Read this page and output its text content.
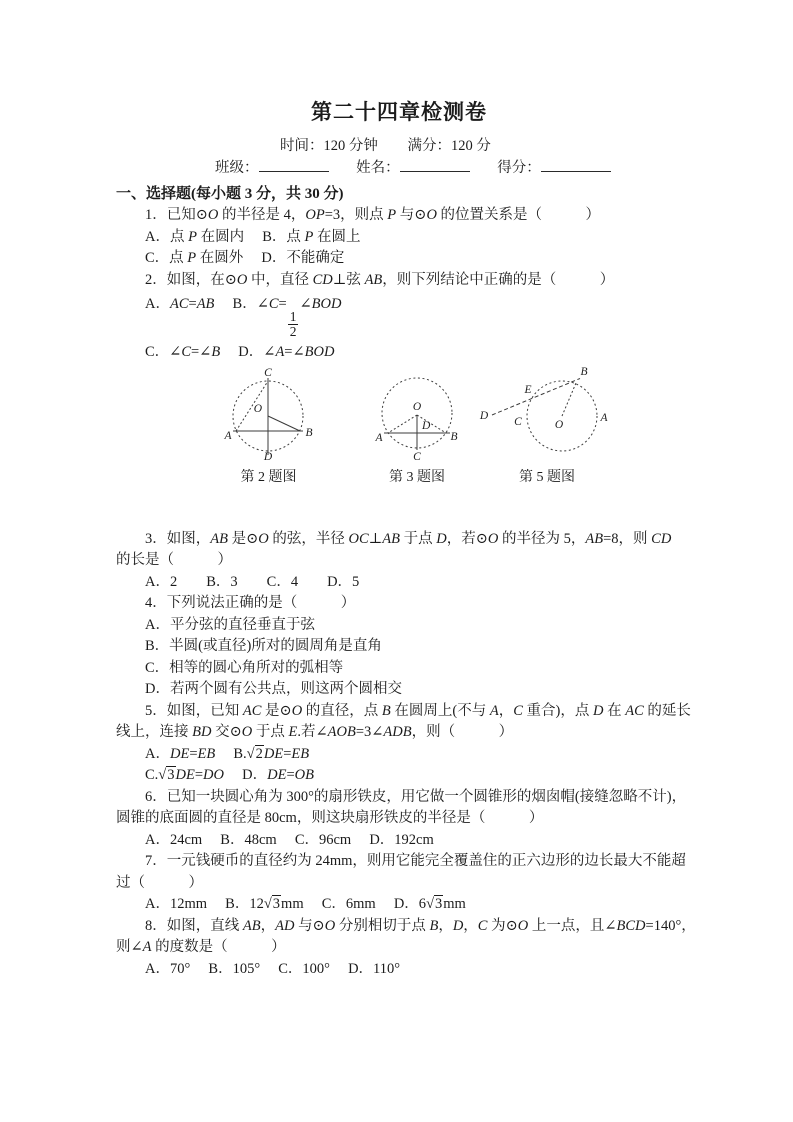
第二十四章检测卷
时间：120 分钟 满分：120 分
班级：	姓名：	得分：
一、选择题(每小题 3 分，共 30 分)
1．已知⊙O 的半径是 4，OP=3，则点 P 与⊙O 的位置关系是（　　　）
A．点 P 在圆内　 B．点 P 在圆上
C．点 P 在圆外　 D．不能确定
2．如图，在⊙O 中，直径 CD⊥弦 AB，则下列结论中正确的是（　　　）
A．AC=AB　 B．∠C=
$\frac{1}{2}$
∠BOD
C．∠C=∠B　 D．∠A=∠BOD
C
O
A	B
D
第 2 题图
O
D
A	B
C
第 3 题图
D
E
B
O
C	A
第 5 题图
3．如图，AB 是⊙O 的弦，半径 OC⊥AB 于点 D，若⊙O 的半径为 5，AB=8，则 CD
的长是（　　　）
A．2　　B．3　　C．4　　D．5
4．下列说法正确的是（　　　）
A．平分弦的直径垂直于弦
B．半圆(或直径)所对的圆周角是直角
C．相等的圆心角所对的弧相等
D．若两个圆有公共点，则这两个圆相交
5．如图，已知 AC 是⊙O 的直径，点 B 在圆周上(不与 A，C 重合)，点 D 在 AC 的延长
线上，连接 BD 交⊙O 于点 E.若∠AOB=3∠ADB，则（　　　）
A．DE=EB　 B.√2DE=EB
C.√3DE=DO　 D．DE=OB
6．已知一块圆心角为 300°的扇形铁皮，用它做一个圆锥形的烟囱帽(接缝忽略不计)，
圆锥的底面圆的直径是 80cm，则这块扇形铁皮的半径是（　　　）
A．24cm　 B．48cm　 C．96cm　 D．192cm
7．一元钱硬币的直径约为 24mm，则用它能完全覆盖住的正六边形的边长最大不能超
过（　　　）
A．12mm　 B．12√3mm　 C．6mm　 D．6√3mm
8．如图，直线 AB，AD 与⊙O 分别相切于点 B，D，C 为⊙O 上一点，且∠BCD=140°，
则∠A 的度数是（　　　）
A．70°　 B．105°　 C．100°　 D．110°
